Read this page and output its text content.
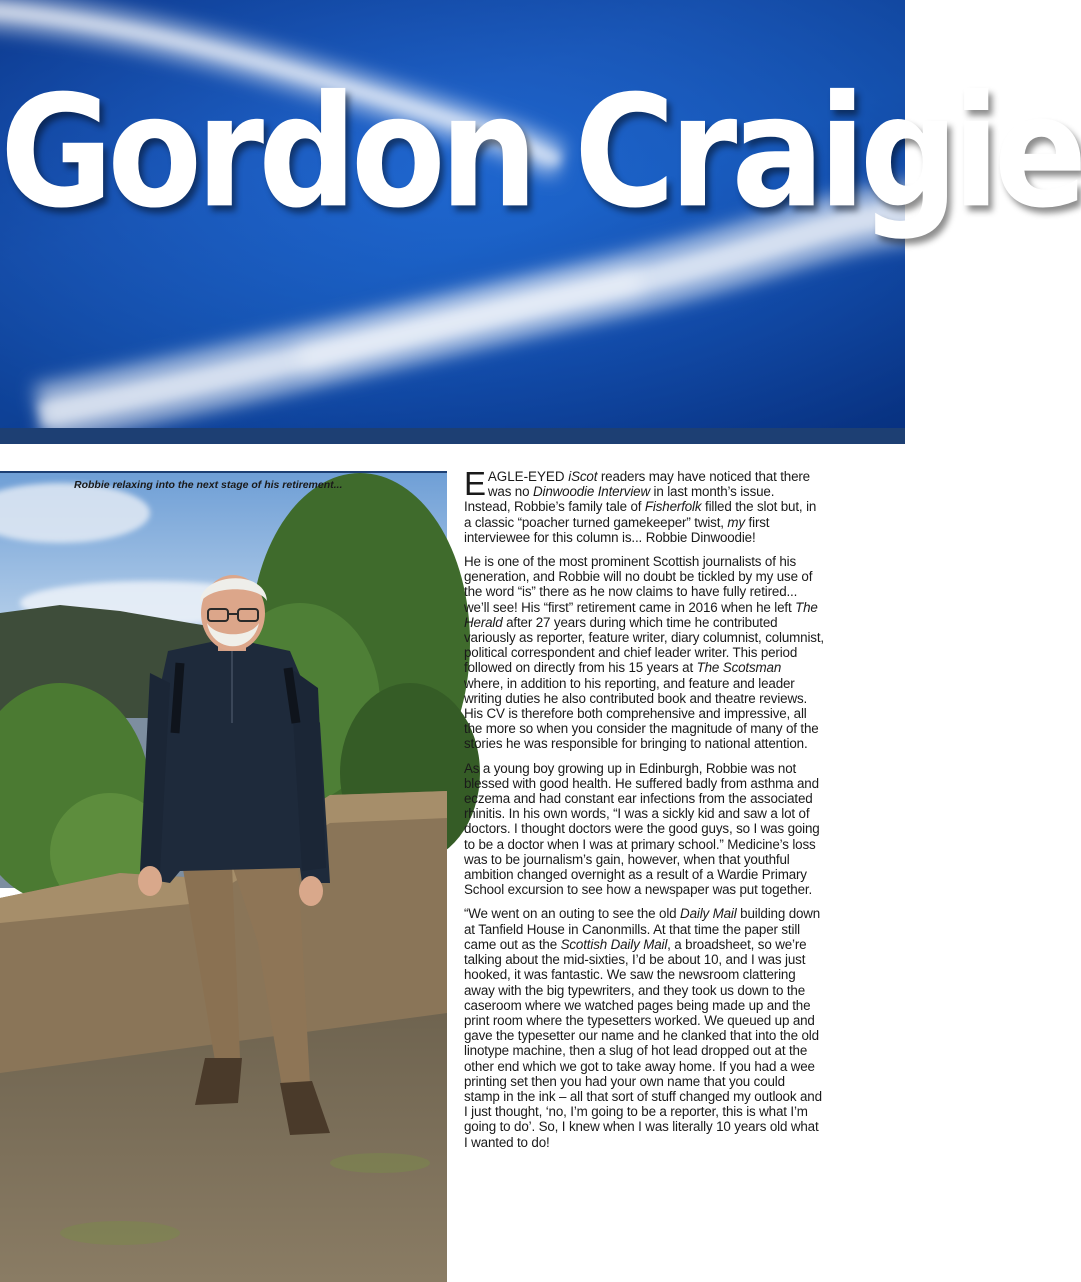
Gordon Craigie
Robbie relaxing into the next stage of his retirement...	EAGLE-EYED iScot readers may have noticed that there was no Dinwoodie Interview in last month’s issue. Instead, Robbie’s family tale of Fisherfolk filled the slot but, in a classic “poacher turned gamekeeper” twist, my first interviewee for this column is... Robbie Dinwoodie!

He is one of the most prominent Scottish journalists of his generation, and Robbie will no doubt be tickled by my use of the word “is” there as he now claims to have fully retired... we’ll see! His “first” retirement came in 2016 when he left The Herald after 27 years during which time he contributed variously as reporter, feature writer, diary columnist, columnist, political correspondent and chief leader writer. This period followed on directly from his 15 years at The Scotsman where, in addition to his reporting, and feature and leader writing duties he also contributed book and theatre reviews. His CV is therefore both comprehensive and impressive, all the more so when you consider the magnitude of many of the stories he was responsible for bringing to national attention.

As a young boy growing up in Edinburgh, Robbie was not blessed with good health. He suffered badly from asthma and eczema and had constant ear infections from the associated rhinitis. In his own words, “I was a sickly kid and saw a lot of doctors. I thought doctors were the good guys, so I was going to be a doctor when I was at primary school.” Medicine’s loss was to be journalism’s gain, however, when that youthful ambition changed overnight as a result of a Wardie Primary School excursion to see how a newspaper was put together.

“We went on an outing to see the old Daily Mail building down at Tanfield House in Canonmills. At that time the paper still came out as the Scottish Daily Mail, a broadsheet, so we’re talking about the mid-sixties, I’d be about 10, and I was just hooked, it was fantastic. We saw the newsroom clattering away with the big typewriters, and they took us down to the caseroom where we watched pages being made up and the print room where the typesetters worked. We queued up and gave the typesetter our name and he clanked that into the old linotype machine, then a slug of hot lead dropped out at the other end which we got to take away home. If you had a wee printing set then you had your own name that you could stamp in the ink – all that sort of stuff changed my outlook and I just thought, ‘no, I’m going to be a reporter, this is what I’m going to do’. So, I knew when I was literally 10 years old what I wanted to do!
